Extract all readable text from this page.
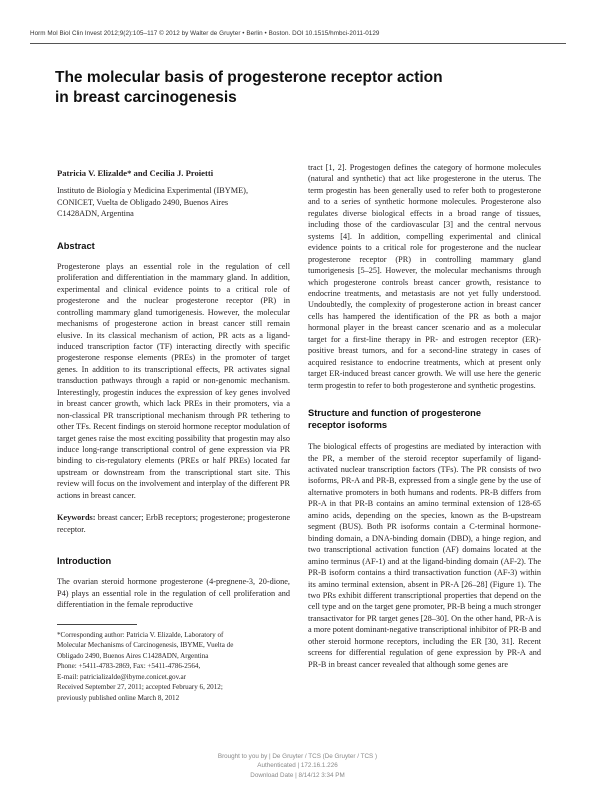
Horm Mol Biol Clin Invest 2012;9(2):105–117 © 2012 by Walter de Gruyter • Berlin • Boston. DOI 10.1515/hmbci-2011-0129
The molecular basis of progesterone receptor action
in breast carcinogenesis
Patricia V. Elizalde* and Cecilia J. Proietti
Instituto de Biología y Medicina Experimental (IBYME),
CONICET, Vuelta de Obligado 2490, Buenos Aires
C1428ADN, Argentina
Abstract

Progesterone plays an essential role in the regulation of cell proliferation and differentiation in the mammary gland. In addition, experimental and clinical evidence points to a critical role of progesterone and the nuclear progesterone receptor (PR) in controlling mammary gland tumorigenesis. However, the molecular mechanisms of progesterone action in breast cancer still remain elusive. In its classical mechanism of action, PR acts as a ligand-induced transcription factor (TF) interacting directly with specific progesterone response elements (PREs) in the promoter of target genes. In addition to its transcriptional effects, PR activates signal transduction pathways through a rapid or non-genomic mechanism. Interestingly, progestin induces the expression of key genes involved in breast cancer growth, which lack PREs in their promoters, via a non-classical PR transcriptional mechanism through PR tethering to other TFs. Recent findings on steroid hormone receptor modulation of target genes raise the most exciting possibility that progestin may also induce long-range transcriptional control of gene expression via PR binding to cis-regulatory elements (PREs or half PREs) located far upstream or downstream from the transcriptional start site. This review will focus on the involvement and interplay of the different PR actions in breast cancer.

Keywords: breast cancer; ErbB receptors; progesterone; progesterone receptor.

Introduction

The ovarian steroid hormone progesterone (4-pregnene-3, 20-dione, P4) plays an essential role in the regulation of cell proliferation and differentiation in the female reproductive

*Corresponding author: Patricia V. Elizalde, Laboratory of
Molecular Mechanisms of Carcinogenesis, IBYME, Vuelta de
Obligado 2490, Buenos Aires C1428ADN, Argentina
Phone: +5411-4783-2869, Fax: +5411-4786-2564,
E-mail: patricializalde@ibyme.conicet.gov.ar
Received September 27, 2011; accepted February 6, 2012;
previously published online March 8, 2012

tract [1, 2]. Progestogen defines the category of hormone molecules (natural and synthetic) that act like progesterone in the uterus. The term progestin has been generally used to refer both to progesterone and to a series of synthetic hormone molecules. Progesterone also regulates diverse biological effects in a broad range of tissues, including those of the cardiovascular [3] and the central nervous systems [4]. In addition, compelling experimental and clinical evidence points to a critical role for progesterone and the nuclear progesterone receptor (PR) in controlling mammary gland tumorigenesis [5–25]. However, the molecular mechanisms through which progesterone controls breast cancer growth, resistance to endocrine treatments, and metastasis are not yet fully understood. Undoubtedly, the complexity of progesterone action in breast cancer cells has hampered the identification of the PR as both a major hormonal player in the breast cancer scenario and as a molecular target for a first-line therapy in PR- and estrogen receptor (ER)-positive breast tumors, and for a second-line strategy in cases of acquired resistance to endocrine treatments, which at present only target ER-induced breast cancer growth. We will use here the generic term progestin to refer to both progesterone and synthetic progestins.

Structure and function of progesterone
receptor isoforms

The biological effects of progestins are mediated by interaction with the PR, a member of the steroid receptor superfamily of ligand-activated nuclear transcription factors (TFs). The PR consists of two isoforms, PR-A and PR-B, expressed from a single gene by the use of alternative promoters in both humans and rodents. PR-B differs from PR-A in that PR-B contains an amino terminal extension of 128-65 amino acids, depending on the species, known as the B-upstream segment (BUS). Both PR isoforms contain a C-terminal hormone-binding domain, a DNA-binding domain (DBD), a hinge region, and two transcriptional activation function (AF) domains located at the amino terminus (AF-1) and at the ligand-binding domain (AF-2). The PR-B isoform contains a third transactivation function (AF-3) within its amino terminal extension, absent in PR-A [26–28] (Figure 1). The two PRs exhibit different transcriptional properties that depend on the cell type and on the target gene promoter, PR-B being a much stronger transactivator for PR target genes [28–30]. On the other hand, PR-A is a more potent dominant-negative transcriptional inhibitor of PR-B and other steroid hormone receptors, including the ER [30, 31]. Recent screens for differential regulation of gene expression by PR-A and PR-B in breast cancer revealed that although some genes are

Brought to you by | De Gruyter / TCS (De Gruyter / TCS )
Authenticated | 172.16.1.226
Download Date | 8/14/12 3:34 PM
